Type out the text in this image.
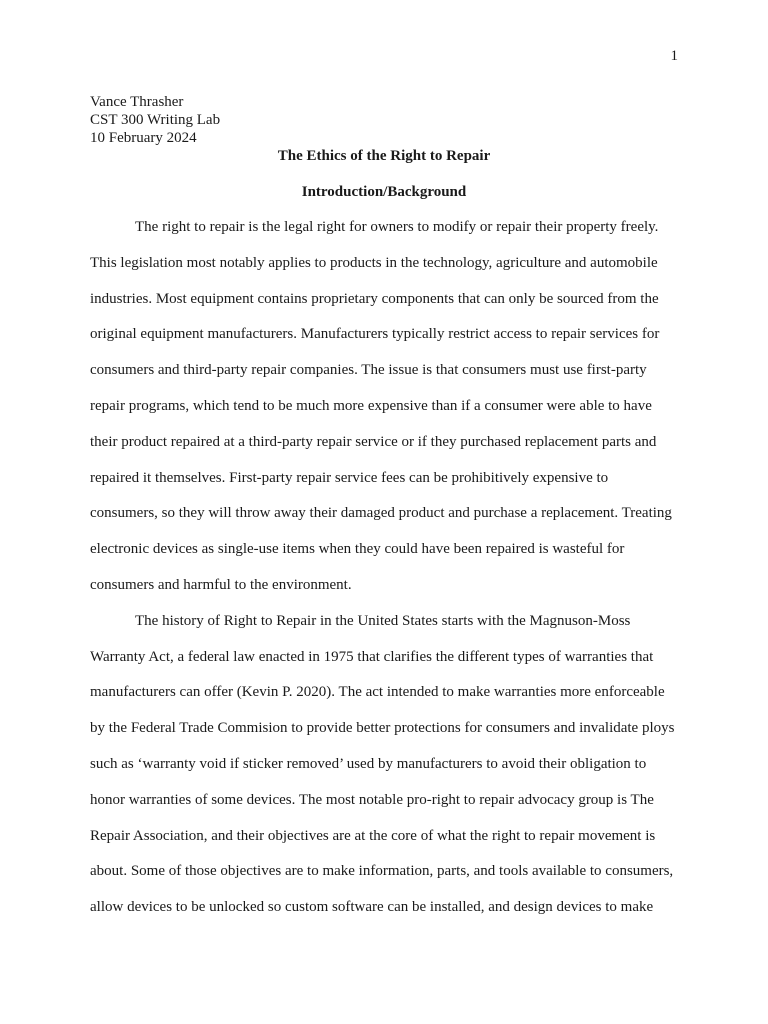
1
Vance Thrasher
CST 300 Writing Lab
10 February 2024
The Ethics of the Right to Repair
Introduction/Background
The right to repair is the legal right for owners to modify or repair their property freely.
This legislation most notably applies to products in the technology, agriculture and automobile
industries. Most equipment contains proprietary components that can only be sourced from the
original equipment manufacturers. Manufacturers typically restrict access to repair services for
consumers and third-party repair companies. The issue is that consumers must use first-party
repair programs, which tend to be much more expensive than if a consumer were able to have
their product repaired at a third-party repair service or if they purchased replacement parts and
repaired it themselves. First-party repair service fees can be prohibitively expensive to
consumers, so they will throw away their damaged product and purchase a replacement. Treating
electronic devices as single-use items when they could have been repaired is wasteful for
consumers and harmful to the environment.
The history of Right to Repair in the United States starts with the Magnuson-Moss
Warranty Act, a federal law enacted in 1975 that clarifies the different types of warranties that
manufacturers can offer (Kevin P. 2020). The act intended to make warranties more enforceable
by the Federal Trade Commision to provide better protections for consumers and invalidate ploys
such as ‘warranty void if sticker removed’ used by manufacturers to avoid their obligation to
honor warranties of some devices. The most notable pro-right to repair advocacy group is The
Repair Association, and their objectives are at the core of what the right to repair movement is
about. Some of those objectives are to make information, parts, and tools available to consumers,
allow devices to be unlocked so custom software can be installed, and design devices to make
